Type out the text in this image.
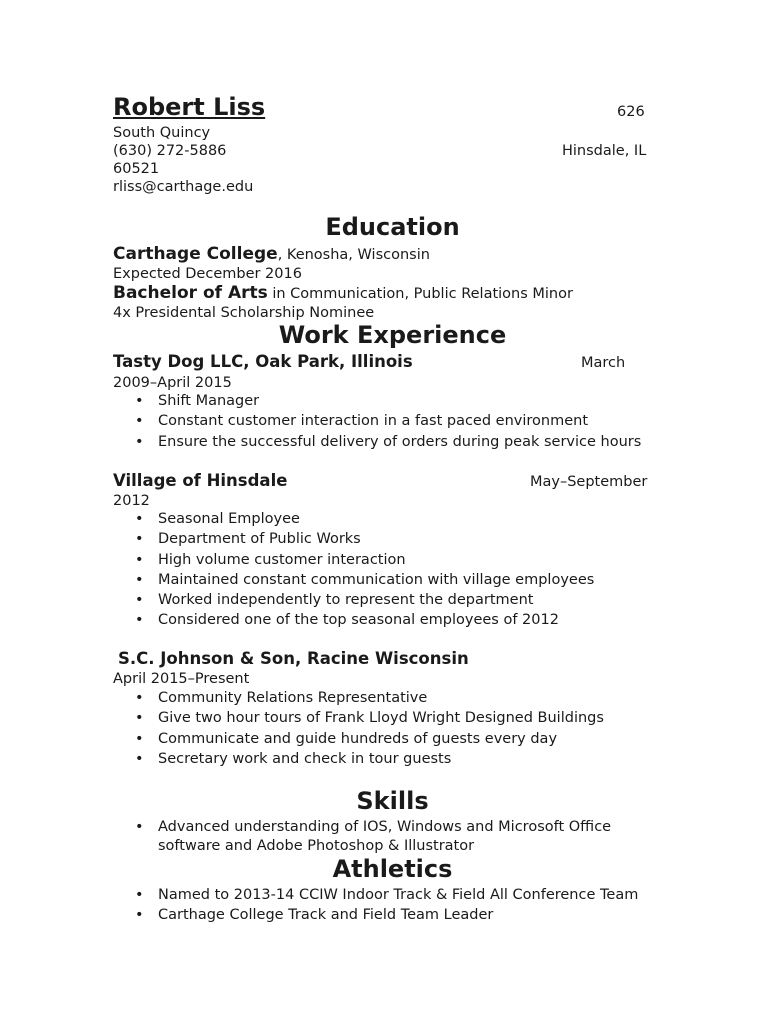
Robert Liss	626
South Quincy
(630) 272-5886	Hinsdale, IL
60521
rliss@carthage.edu
Education
Carthage College, Kenosha, Wisconsin
Expected December 2016
Bachelor of Arts in Communication, Public Relations Minor
4x Presidental Scholarship Nominee
Work Experience
Tasty Dog LLC, Oak Park, Illinois	March
2009–April 2015
• Shift Manager
• Constant customer interaction in a fast paced environment
• Ensure the successful delivery of orders during peak service hours
Village of Hinsdale	May–September
2012
• Seasonal Employee
• Department of Public Works
• High volume customer interaction
• Maintained constant communication with village employees
• Worked independently to represent the department
• Considered one of the top seasonal employees of 2012
S.C. Johnson & Son, Racine Wisconsin
April 2015–Present
• Community Relations Representative
• Give two hour tours of Frank Lloyd Wright Designed Buildings
• Communicate and guide hundreds of guests every day
• Secretary work and check in tour guests
Skills
• Advanced understanding of IOS, Windows and Microsoft Office software and Adobe Photoshop & Illustrator
Athletics
• Named to 2013-14 CCIW Indoor Track & Field All Conference Team
• Carthage College Track and Field Team Leader
